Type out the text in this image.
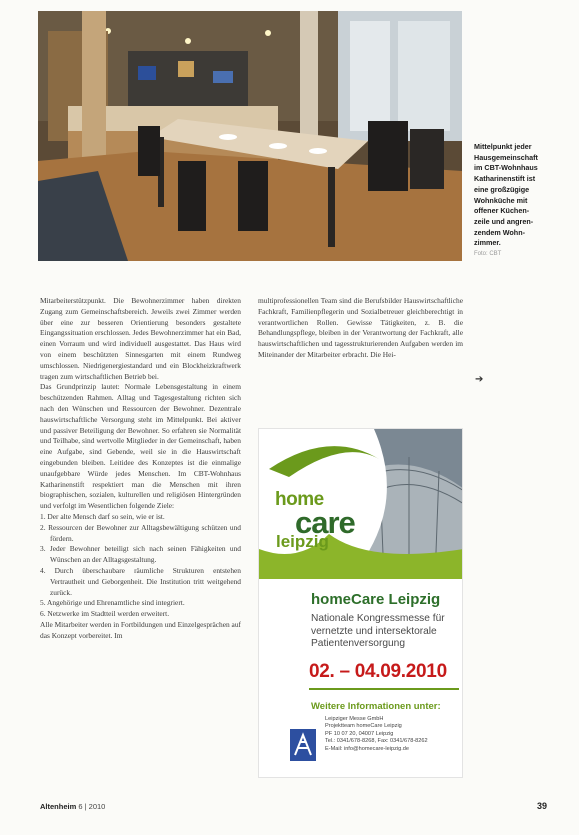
Mittelpunkt jeder
Hausgemeinschaft
im CBT-Wohnhaus
Katharinenstift ist
eine großzügige
Wohnküche mit
offener Küchen-
zeile und angren-
zendem Wohn-
zimmer.
Foto: CBT

Mitarbeiterstützpunkt. Die Bewohnerzimmer haben direkten Zugang zum Gemeinschaftsbereich. Jeweils zwei Zimmer werden über eine zur besseren Orientierung besonders gestaltete Eingangssituation erschlossen. Jedes Bewohnerzimmer hat ein Bad, einen Vorraum und wird individuell ausgestattet. Das Haus wird von einem beschützten Sinnesgarten mit einem Rundweg umschlossen. Niedrigenergiestandard und ein Blockheizkraftwerk tragen zum wirtschaftlichen Betrieb bei.

Das Grundprinzip lautet: Normale Lebensgestaltung in einem beschützenden Rahmen. Alltag und Tagesgestaltung richten sich nach den Wünschen und Ressourcen der Bewohner. Dezentrale hauswirtschaftliche Versorgung steht im Mittelpunkt. Bei aktiver und passiver Beteiligung der Bewohner. So erfahren sie Normalität und Teilhabe, sind wertvolle Mitglieder in der Gemeinschaft, haben eine Aufgabe, sind Gebende, weil sie in die Hauswirtschaft eingebunden bleiben. Leitidee des Konzeptes ist die einmalige unaufgebbare Würde jedes Menschen. Im CBT-Wohnhaus Katharinenstift respektiert man die Menschen mit ihren biographischen, sozialen, kulturellen und religiösen Hintergründen und verfolgt im Wesentlichen folgende Ziele:

1. Der alte Mensch darf so sein, wie er ist.
2. Ressourcen der Bewohner zur Alltagsbewältigung schützen und fördern.
3. Jeder Bewohner beteiligt sich nach seinen Fähigkeiten und Wünschen an der Alltagsgestaltung.
4. Durch überschaubare räumliche Strukturen entstehen Vertrautheit und Geborgenheit. Die Institution tritt weitgehend zurück.
5. Angehörige und Ehrenamtliche sind integriert.
6. Netzwerke im Stadtteil werden erweitert.

Alle Mitarbeiter werden in Fortbildungen und Einzelgesprächen auf das Konzept vorbereitet. Im

multiprofessionellen Team sind die Berufsbilder Hauswirtschaftliche Fachkraft, Familienpflegerin und Sozialbetreuer gleichberechtigt in verantwortlichen Rollen. Gewisse Tätigkeiten, z. B. die Behandlungspflege, bleiben in der Verantwortung der Fachkraft, alle hauswirtschaftlichen und tagesstrukturierenden Aufgaben werden im Miteinander der Mitarbeiter erbracht. Die Hei-

➔
home
care
leipzig
homeCare Leipzig
Nationale Kongressmesse für vernetzte und intersektorale Patientenversorgung
02. – 04.09.2010
Weitere Informationen unter:
Leipziger Messe GmbH
Projektteam homeCare Leipzig
PF 10 07 20, 04007 Leipzig
Tel.: 0341/678-8268, Fax: 0341/678-8262
E-Mail: info@homecare-leipzig.de
Altenheim 6 | 2010	39
